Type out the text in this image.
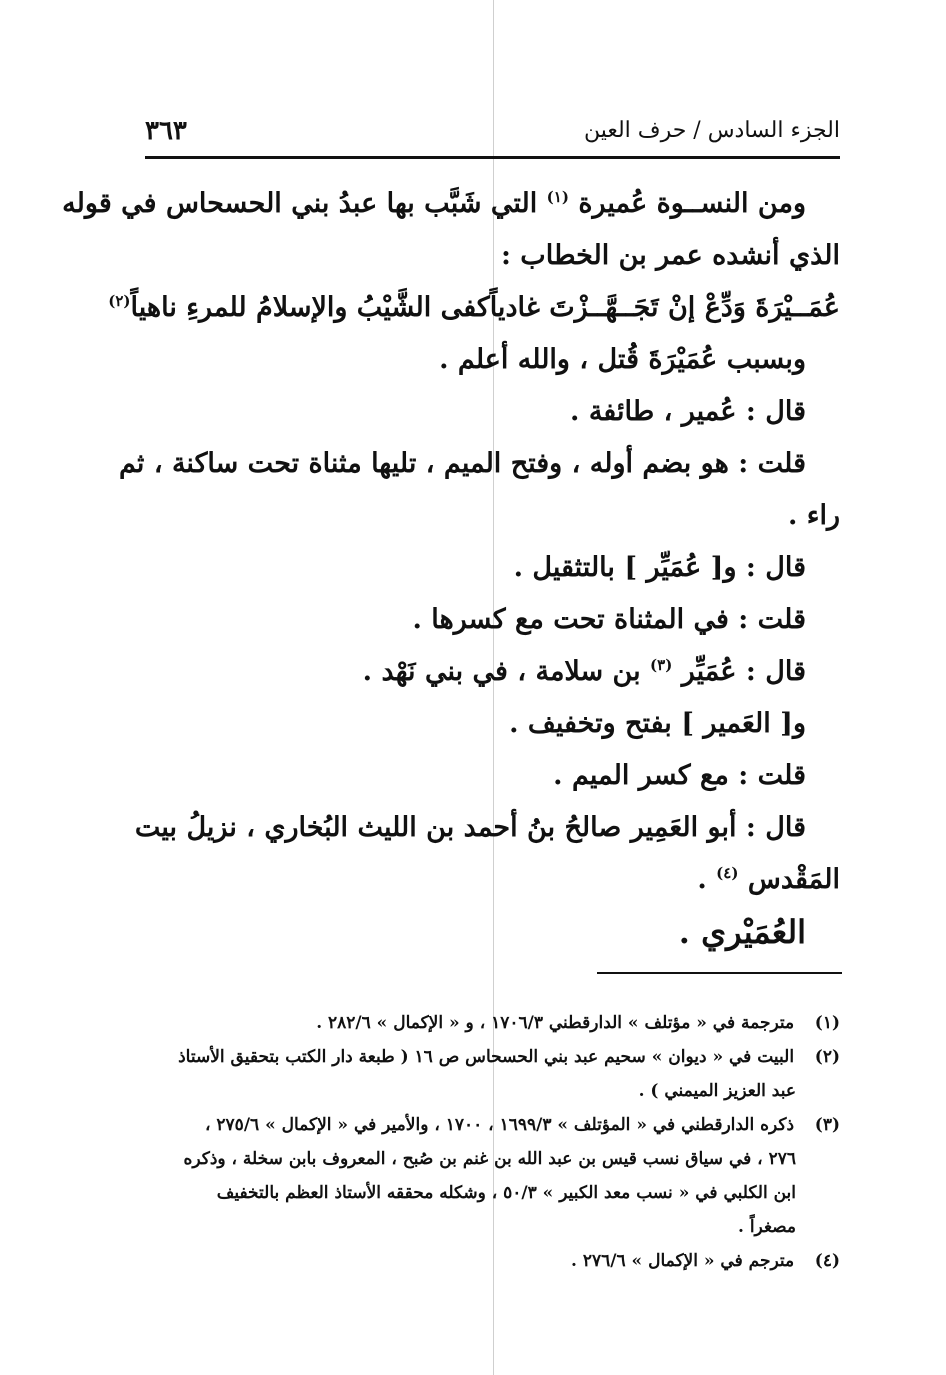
٣٦٣	الجزء السادس / حرف العين
ومن النســوة عُميرة $^{(١)}$ التي شَبَّب بها عبدُ بني الحسحاس في قوله
الذي أنشده عمر بن الخطاب :
عُمَــيْرَةَ وَدِّعْ إنْ تَجَــهَّــزْتَ غادياً
كفى الشَّيْبُ والإسلامُ للمرءِ ناهياً$^{(٢)}$
وبسبب عُمَيْرَةَ قُتل ، والله أعلم .
قال : عُمير ، طائفة .
قلت : هو بضم أوله ، وفتح الميم ، تليها مثناة تحت ساكنة ، ثم
راء .
قال : و[ عُمَيِّر ] بالتثقيل .
قلت : في المثناة تحت مع كسرها .
قال : عُمَيِّر $^{(٣)}$ بن سلامة ، في بني نَهْد .
و[ العَمير ] بفتح وتخفيف .
قلت : مع كسر الميم .
قال : أبو العَمِير صالحُ بنُ أحمد بن الليث البُخاري ، نزيلُ بيت
المَقْدس $^{(٤)}$ .
العُمَيْري .
(١) مترجمة في « مؤتلف » الدارقطني ١٧٠٦/٣ ، و « الإكمال » ٢٨٢/٦ .
(٢) البيت في « ديوان » سحيم عبد بني الحسحاس ص ١٦ ( طبعة دار الكتب بتحقيق الأستاذ
عبد العزيز الميمني ) .
(٣) ذكره الدارقطني في « المؤتلف » ١٦٩٩/٣ ، ١٧٠٠ ، والأمير في « الإكمال » ٢٧٥/٦ ،
٢٧٦ ، في سياق نسب قيس بن عبد الله بن غنم بن صُبح ، المعروف بابن سخلة ، وذكره
ابن الكلبي في « نسب معد الكبير » ٥٠/٣ ، وشكله محققه الأستاذ العظم بالتخفيف
مصغراً .
(٤) مترجم في « الإكمال » ٢٧٦/٦ .
